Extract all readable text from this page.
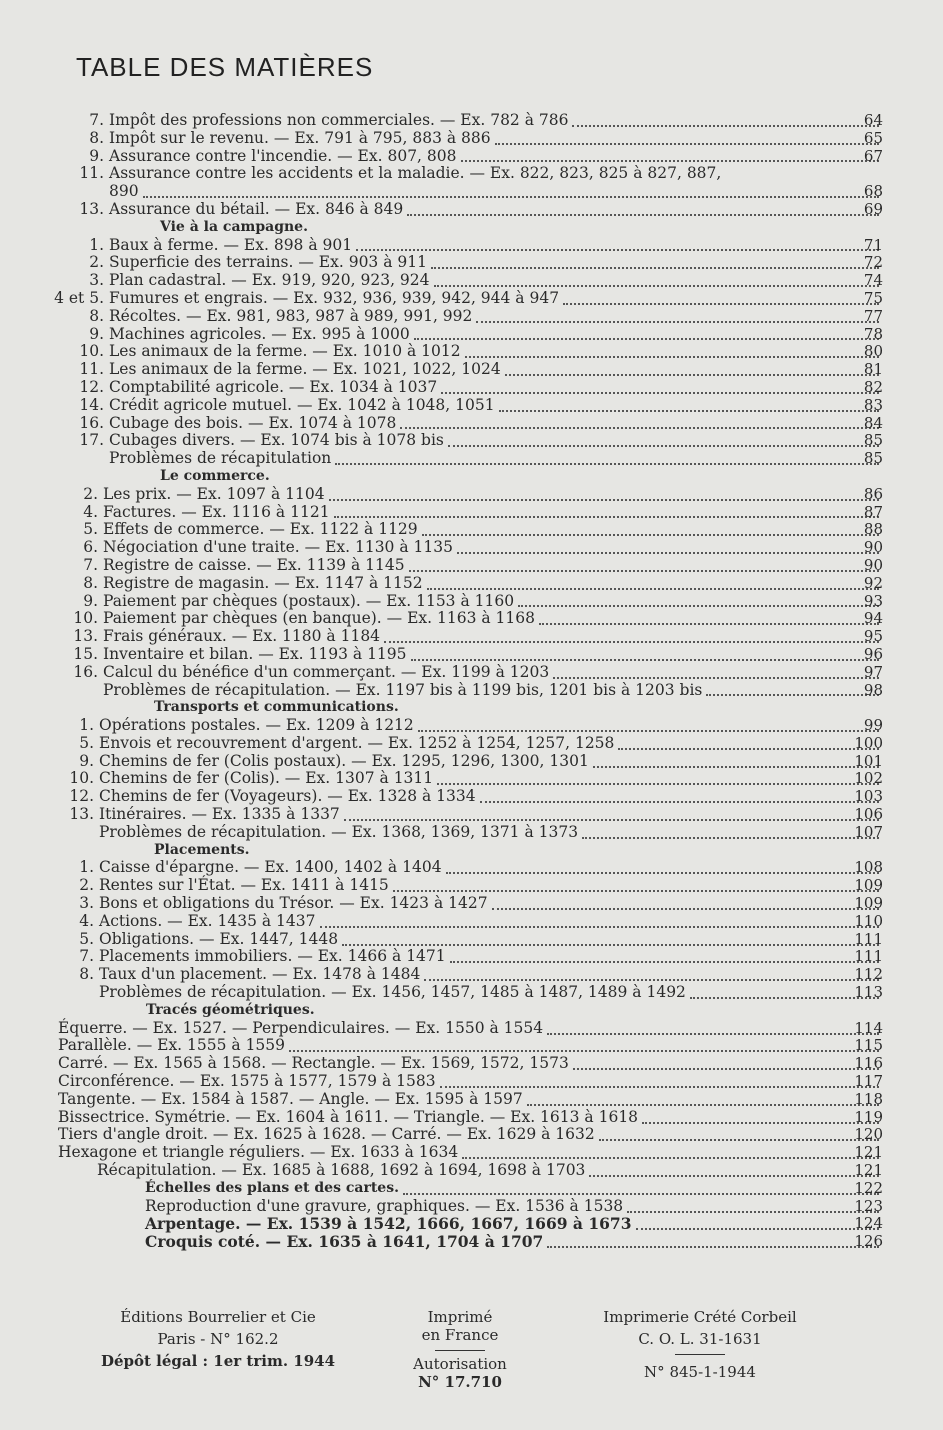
TABLE DES MATIÈRES
7. Impôt des professions non commerciales. — Ex. 782 à 786	64
8. Impôt sur le revenu. — Ex. 791 à 795, 883 à 886	65
9. Assurance contre l'incendie. — Ex. 807, 808	67
11. Assurance contre les accidents et la maladie. — Ex. 822, 823, 825 à 827, 887,
890	68
13. Assurance du bétail. — Ex. 846 à 849	69
Vie à la campagne.
1. Baux à ferme. — Ex. 898 à 901	71
2. Superficie des terrains. — Ex. 903 à 911	72
3. Plan cadastral. — Ex. 919, 920, 923, 924	74
4 et 5. Fumures et engrais. — Ex. 932, 936, 939, 942, 944 à 947	75
8. Récoltes. — Ex. 981, 983, 987 à 989, 991, 992	77
9. Machines agricoles. — Ex. 995 à 1000	78
10. Les animaux de la ferme. — Ex. 1010 à 1012	80
11. Les animaux de la ferme. — Ex. 1021, 1022, 1024	81
12. Comptabilité agricole. — Ex. 1034 à 1037	82
14. Crédit agricole mutuel. — Ex. 1042 à 1048, 1051	83
16. Cubage des bois. — Ex. 1074 à 1078	84
17. Cubages divers. — Ex. 1074 bis à 1078 bis	85
Problèmes de récapitulation	85
Le commerce.
2. Les prix. — Ex. 1097 à 1104	86
4. Factures. — Ex. 1116 à 1121	87
5. Effets de commerce. — Ex. 1122 à 1129	88
6. Négociation d'une traite. — Ex. 1130 à 1135	90
7. Registre de caisse. — Ex. 1139 à 1145	90
8. Registre de magasin. — Ex. 1147 à 1152	92
9. Paiement par chèques (postaux). — Ex. 1153 à 1160	93
10. Paiement par chèques (en banque). — Ex. 1163 à 1168	94
13. Frais généraux. — Ex. 1180 à 1184	95
15. Inventaire et bilan. — Ex. 1193 à 1195	96
16. Calcul du bénéfice d'un commerçant. — Ex. 1199 à 1203	97
Problèmes de récapitulation. — Ex. 1197 bis à 1199 bis, 1201 bis à 1203 bis	98
Transports et communications.
1. Opérations postales. — Ex. 1209 à 1212	99
5. Envois et recouvrement d'argent. — Ex. 1252 à 1254, 1257, 1258	100
9. Chemins de fer (Colis postaux). — Ex. 1295, 1296, 1300, 1301	101
10. Chemins de fer (Colis). — Ex. 1307 à 1311	102
12. Chemins de fer (Voyageurs). — Ex. 1328 à 1334	103
13. Itinéraires. — Ex. 1335 à 1337	106
Problèmes de récapitulation. — Ex. 1368, 1369, 1371 à 1373	107
Placements.
1. Caisse d'épargne. — Ex. 1400, 1402 à 1404	108
2. Rentes sur l'État. — Ex. 1411 à 1415	109
3. Bons et obligations du Trésor. — Ex. 1423 à 1427	109
4. Actions. — Ex. 1435 à 1437	110
5. Obligations. — Ex. 1447, 1448	111
7. Placements immobiliers. — Ex. 1466 à 1471	111
8. Taux d'un placement. — Ex. 1478 à 1484	112
Problèmes de récapitulation. — Ex. 1456, 1457, 1485 à 1487, 1489 à 1492	113
Tracés géométriques.
Équerre. — Ex. 1527. — Perpendiculaires. — Ex. 1550 à 1554	114
Parallèle. — Ex. 1555 à 1559	115
Carré. — Ex. 1565 à 1568. — Rectangle. — Ex. 1569, 1572, 1573	116
Circonférence. — Ex. 1575 à 1577, 1579 à 1583	117
Tangente. — Ex. 1584 à 1587. — Angle. — Ex. 1595 à 1597	118
Bissectrice. Symétrie. — Ex. 1604 à 1611. — Triangle. — Ex. 1613 à 1618	119
Tiers d'angle droit. — Ex. 1625 à 1628. — Carré. — Ex. 1629 à 1632	120
Hexagone et triangle réguliers. — Ex. 1633 à 1634	121
Récapitulation. — Ex. 1685 à 1688, 1692 à 1694, 1698 à 1703	121
Échelles des plans et des cartes.	122
Reproduction d'une gravure, graphiques. — Ex. 1536 à 1538	123
Arpentage. — Ex. 1539 à 1542, 1666, 1667, 1669 à 1673	124
Croquis coté. — Ex. 1635 à 1641, 1704 à 1707	126
Éditions Bourrelier et Cie
Paris - N° 162.2
Dépôt légal : 1er trim. 1944
Imprimé
en France
Autorisation
N° 17.710
Imprimerie Crété Corbeil
C. O. L. 31-1631
N° 845-1-1944
